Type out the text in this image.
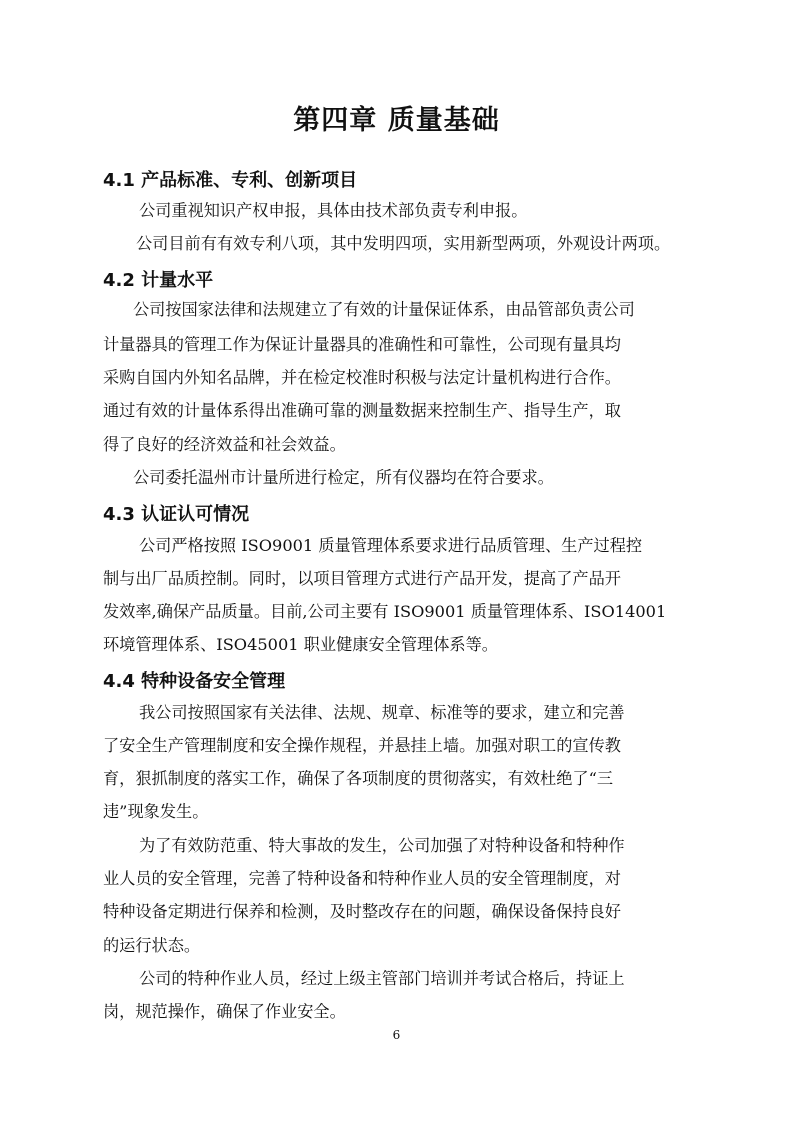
第四章 质量基础
4.1 产品标准、专利、创新项目
公司重视知识产权申报，具体由技术部负责专利申报。
公司目前有有效专利八项，其中发明四项，实用新型两项，外观设计两项。
4.2 计量水平
公司按国家法律和法规建立了有效的计量保证体系，由品管部负责公司
计量器具的管理工作为保证计量器具的准确性和可靠性，公司现有量具均
采购自国内外知名品牌，并在检定校准时积极与法定计量机构进行合作。
通过有效的计量体系得出准确可靠的测量数据来控制生产、指导生产，取
得了良好的经济效益和社会效益。
公司委托温州市计量所进行检定，所有仪器均在符合要求。
4.3 认证认可情况
公司严格按照 ISO9001 质量管理体系要求进行品质管理、生产过程控
制与出厂品质控制。同时，以项目管理方式进行产品开发，提高了产品开
发效率,确保产品质量。目前,公司主要有 ISO9001 质量管理体系、ISO14001
环境管理体系、ISO45001 职业健康安全管理体系等。
4.4 特种设备安全管理
我公司按照国家有关法律、法规、规章、标准等的要求，建立和完善
了安全生产管理制度和安全操作规程，并悬挂上墙。加强对职工的宣传教
育，狠抓制度的落实工作，确保了各项制度的贯彻落实，有效杜绝了“三
违”现象发生。
为了有效防范重、特大事故的发生，公司加强了对特种设备和特种作
业人员的安全管理，完善了特种设备和特种作业人员的安全管理制度，对
特种设备定期进行保养和检测，及时整改存在的问题，确保设备保持良好
的运行状态。
公司的特种作业人员，经过上级主管部门培训并考试合格后，持证上
岗，规范操作，确保了作业安全。
6
